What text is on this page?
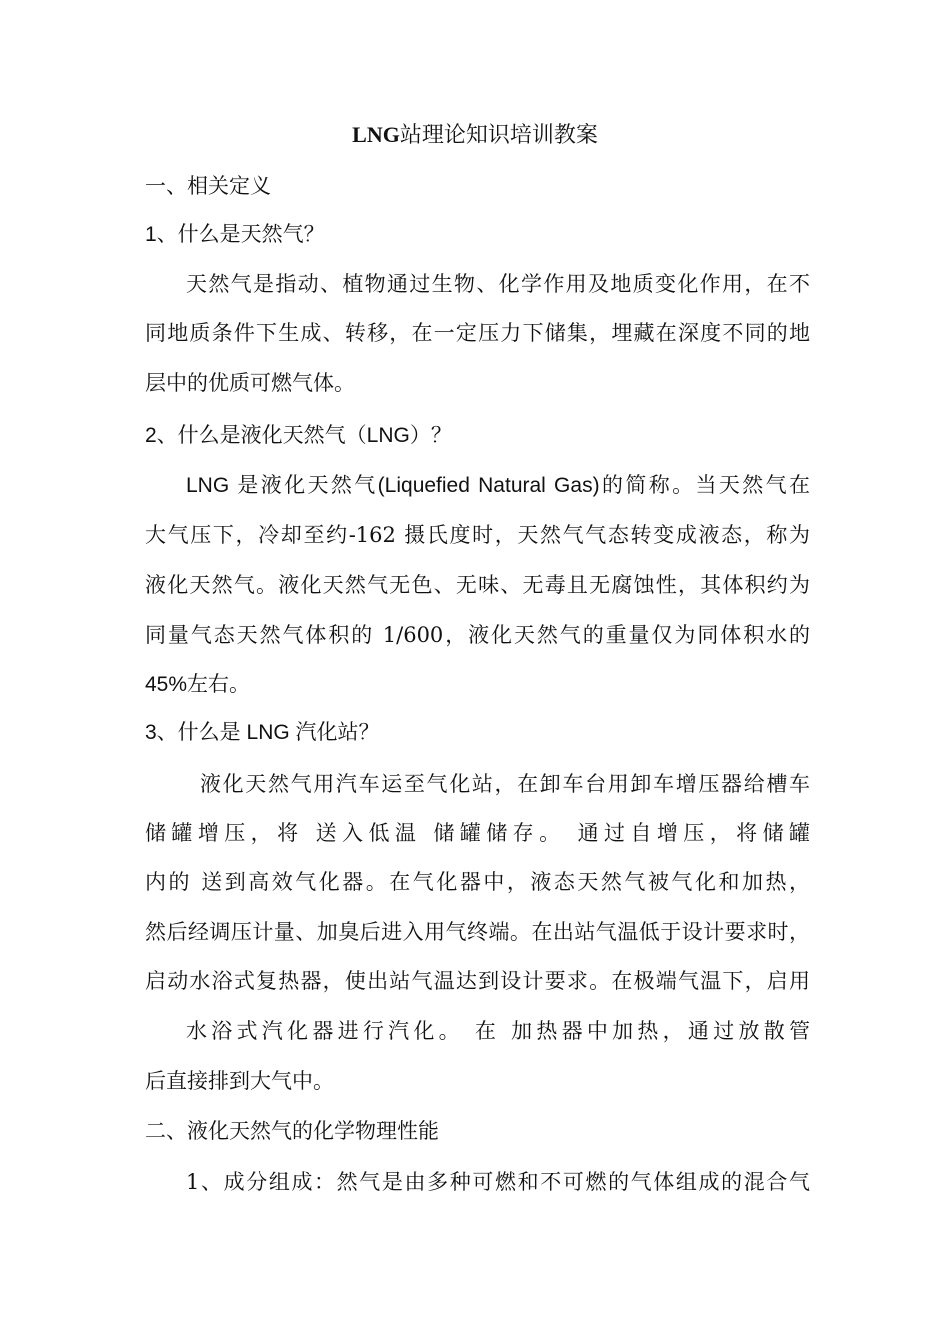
LNG站理论知识培训教案
一、相关定义
1、什么是天然气？
天然气是指动、植物通过生物、化学作用及地质变化作用，在不
同地质条件下生成、转移，在一定压力下储集，埋藏在深度不同的地
层中的优质可燃气体。
2、什么是液化天然气（LNG）？
LNG 是液化天然气(Liquefied Natural Gas)的简称。当天然气在
大气压下，冷却至约-162 摄氏度时，天然气气态转变成液态，称为
液化天然气。液化天然气无色、无味、无毒且无腐蚀性，其体积约为
同量气态天然气体积的 1/600，液化天然气的重量仅为同体积水的
45%左右。
3、什么是 LNG 汽化站？
液化天然气用汽车运至气化站，在卸车台用卸车增压器给槽车
储罐增压，将 送入低温 储罐储存。 通过自增压，将储罐
内的 送到高效气化器。在气化器中，液态天然气被气化和加热，
然后经调压计量、加臭后进入用气终端。在出站气温低于设计要求时，
启动水浴式复热器，使出站气温达到设计要求。在极端气温下，启用
水浴式汽化器进行汽化。 在 加热器中加热，通过放散管
后直接排到大气中。
二、液化天然气的化学物理性能
1、成分组成：然气是由多种可燃和不可燃的气体组成的混合气
